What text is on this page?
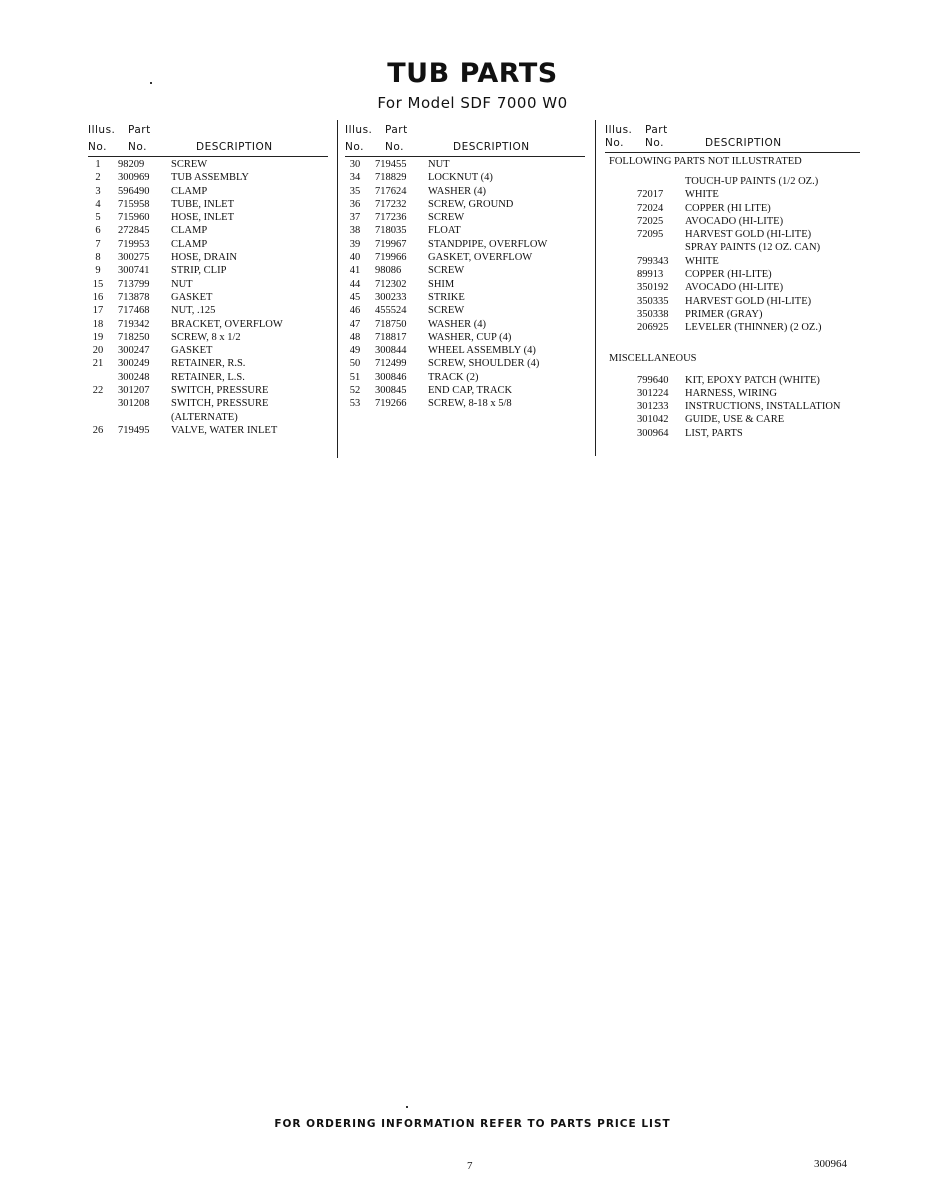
TUB PARTS
For Model SDF 7000 W0
Illus. Part
No. No.	DESCRIPTION
1	98209	SCREW
2	300969 TUB ASSEMBLY
3	596490 CLAMP
4	715958 TUBE, INLET
5	715960 HOSE, INLET
6	272845 CLAMP
7	719953 CLAMP
8	300275 HOSE, DRAIN
9	300741 STRIP, CLIP
15	713799 NUT
16	713878 GASKET
17	717468 NUT, .125
18	719342 BRACKET, OVERFLOW
19	718250 SCREW, 8 x 1/2
20	300247 GASKET
21	300249 RETAINER, R.S.
300248 RETAINER, L.S.
22	301207 SWITCH, PRESSURE
301208 SWITCH, PRESSURE
(ALTERNATE)
26	719495 VALVE, WATER INLET
Illus. Part
No. No.	DESCRIPTION
30	719455 NUT
34	718829 LOCKNUT (4)
35	717624 WASHER (4)
36	717232 SCREW, GROUND
37	717236 SCREW
38	718035 FLOAT
39	719967 STANDPIPE, OVERFLOW
40	719966 GASKET, OVERFLOW
41	98086	SCREW
44	712302 SHIM
45	300233 STRIKE
46	455524 SCREW
47	718750 WASHER (4)
48	718817 WASHER, CUP (4)
49	300844 WHEEL ASSEMBLY (4)
50	712499 SCREW, SHOULDER (4)
51	300846 TRACK (2)
52	300845 END CAP, TRACK
53	719266 SCREW, 8-18 x 5/8
Illus. Part
No. No.	DESCRIPTION
FOLLOWING PARTS NOT ILLUSTRATED
TOUCH-UP PAINTS (1/2 OZ.)
72017 WHITE
72024 COPPER (HI LITE)
72025 AVOCADO (HI-LITE)
72095 HARVEST GOLD (HI-LITE)
SPRAY PAINTS (12 OZ. CAN)
799343 WHITE
89913 COPPER (HI-LITE)
350192 AVOCADO (HI-LITE)
350335 HARVEST GOLD (HI-LITE)
350338 PRIMER (GRAY)
206925 LEVELER (THINNER) (2 OZ.)
MISCELLANEOUS
799640 KIT, EPOXY PATCH (WHITE)
301224 HARNESS, WIRING
301233 INSTRUCTIONS, INSTALLATION
301042 GUIDE, USE & CARE
300964 LIST, PARTS
FOR ORDERING INFORMATION REFER TO PARTS PRICE LIST
7	300964
